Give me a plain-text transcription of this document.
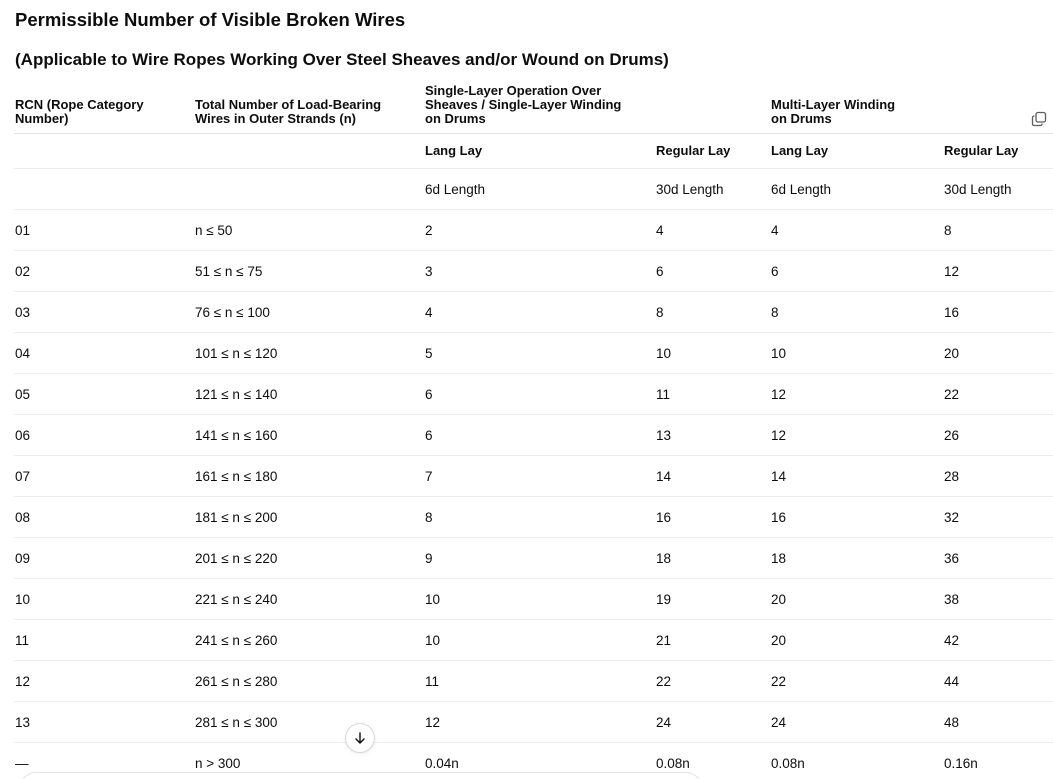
Permissible Number of Visible Broken Wires
(Applicable to Wire Ropes Working Over Steel Sheaves and/or Wound on Drums)
RCN (Rope Category Number)	Total Number of Load-Bearing Wires in Outer Strands (n)	Single-Layer Operation Over Sheaves / Single-Layer Winding on Drums		Multi-Layer Winding on Drums	

		Lang Lay	Regular Lay	Lang Lay	Regular Lay
		6d Length	30d Length	6d Length	30d Length
01	n ≤ 50	2	4	4	8
02	51 ≤ n ≤ 75	3	6	6	12
03	76 ≤ n ≤ 100	4	8	8	16
04	101 ≤ n ≤ 120	5	10	10	20
05	121 ≤ n ≤ 140	6	11	12	22
06	141 ≤ n ≤ 160	6	13	12	26
07	161 ≤ n ≤ 180	7	14	14	28
08	181 ≤ n ≤ 200	8	16	16	32
09	201 ≤ n ≤ 220	9	18	18	36
10	221 ≤ n ≤ 240	10	19	20	38
11	241 ≤ n ≤ 260	10	21	20	42
12	261 ≤ n ≤ 280	11	22	22	44
13	281 ≤ n ≤ 300	12	24	24	48
—	n > 300	0.04n	0.08n	0.08n	0.16n
